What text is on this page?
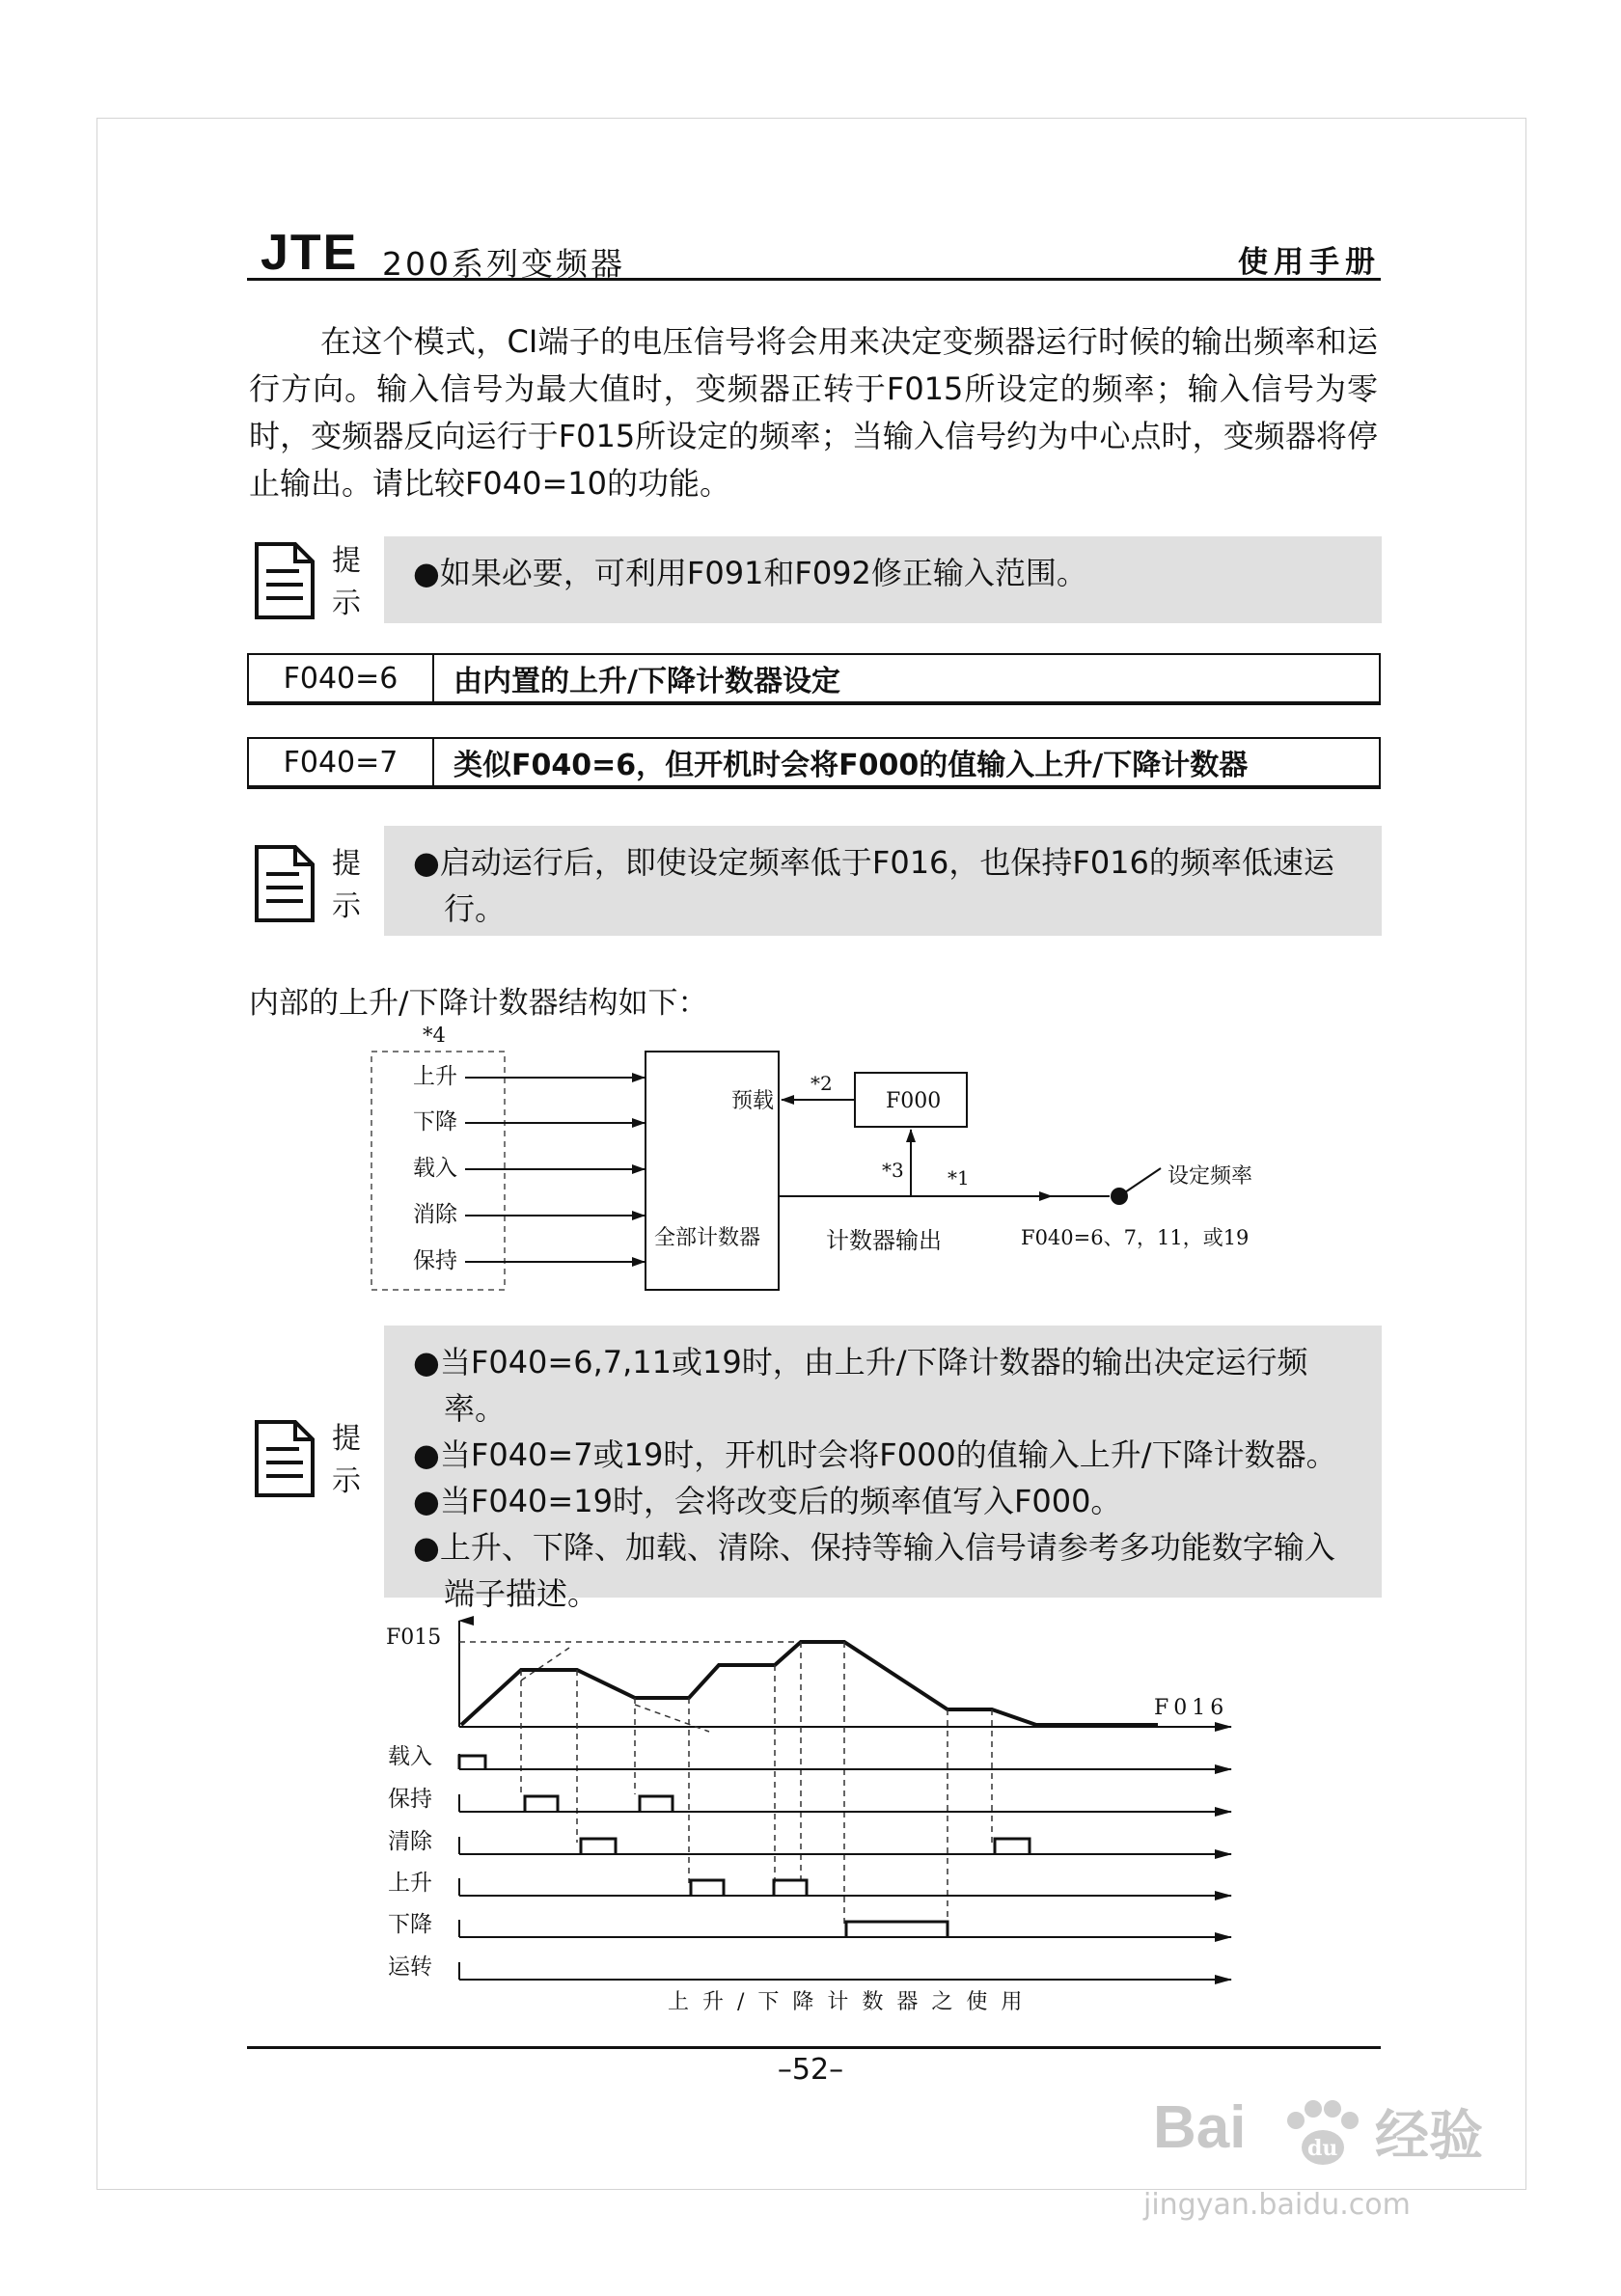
JTE 200系列变频器	使用手册

在这个模式，CI端子的电压信号将会用来决定变频器运行时候的输出频率和运行方向。输入信号为最大值时，变频器正转于F015所设定的频率；输入信号为零时，变频器反向运行于F015所设定的频率；当输入信号约为中心点时，变频器将停止输出。请比较F040=10的功能。

提
示
●如果必要，可利用F091和F092修正输入范围。
F040=6	由内置的上升/下降计数器设定
F040=7	类似F040=6，但开机时会将F000的值输入上升/下降计数器
提
示
●启动运行后，即使设定频率低于F016，也保持F016的频率低速运行。
内部的上升/下降计数器结构如下：
*4
上升
下降
载入
消除
保持
预载
全部计数器
F000
*2
*3 *1	设定频率
计数器输出	F040=6、7，11，或19
提
示
●当F040=6,7,11或19时，由上升/下降计数器的输出决定运行频率。
●当F040=7或19时，开机时会将F000的值输入上升/下降计数器。
●当F040=19时，会将改变后的频率值写入F000。
●上升、下降、加载、清除、保持等输入信号请参考多功能数字输入端子描述。
F015
F016
载入
保持
清除
上升
下降
运转
上升/下降计数器之使用
–52–
Bai	du 经验
jingyan.baidu.com
